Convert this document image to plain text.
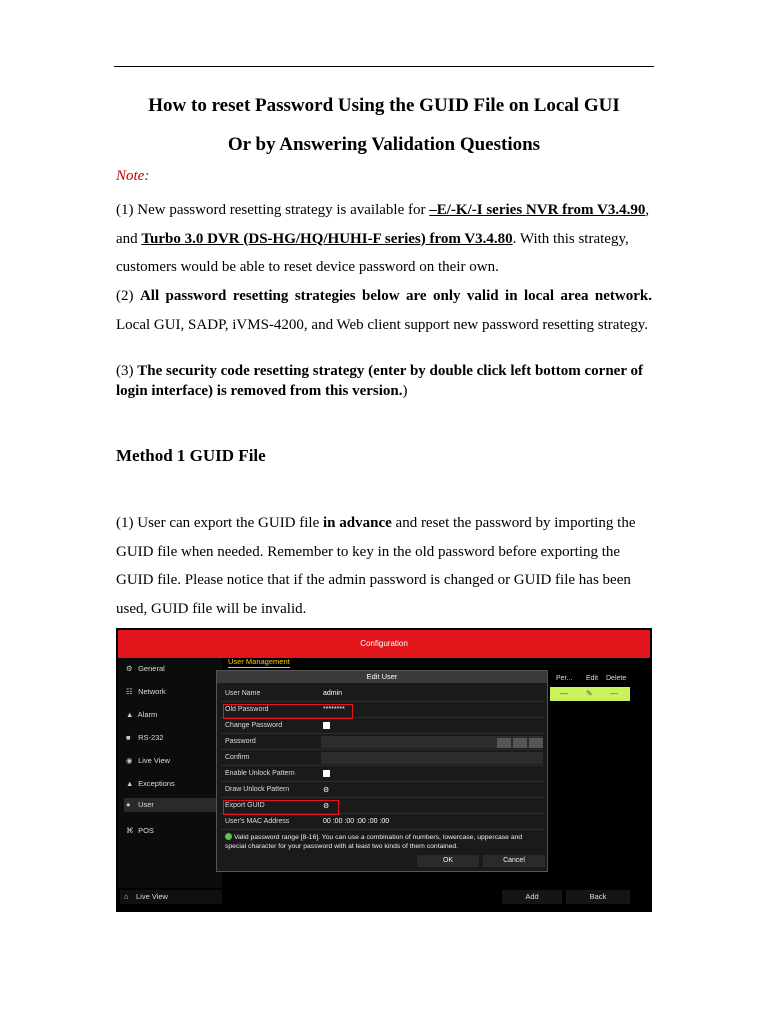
How to reset Password Using the GUID File on Local GUI
Or by Answering Validation Questions
Note:
(1) New password resetting strategy is available for –E/-K/-I series NVR from V3.4.90, and Turbo 3.0 DVR (DS-HG/HQ/HUHI-F series) from V3.4.80. With this strategy, customers would be able to reset device password on their own.
(2) All password resetting strategies below are only valid in local area network. Local GUI, SADP, iVMS-4200, and Web client support new password resetting strategy.
(3) The security code resetting strategy (enter by double click left bottom corner of login interface) is removed from this version.)
Method 1 GUID File
(1) User can export the GUID file in advance and reset the password by importing the GUID file when needed. Remember to key in the old password before exporting the GUID file. Please notice that if the admin password is changed or GUID file has been used, GUID file will be invalid.
Configuration
⚙ General
☷ Network
▲ Alarm
■ RS-232
◉ Live View
▲ Exceptions
● User
⌘ POS
⌂ Live View
User Management
Per... Edit Delete
— ✎ —
Add	Back
Edit User
User Name	admin
Old Password	********
Change Password
Password
Confirm
Enable Unlock Pattern
Draw Unlock Pattern	⚙
Export GUID	⚙
User's MAC Address	00 :00 :00 :00 :00 :00
Valid password range [8-16]. You can use a combination of numbers, lowercase, uppercase and special character for your password with at least two kinds of them contained.
OK	Cancel
